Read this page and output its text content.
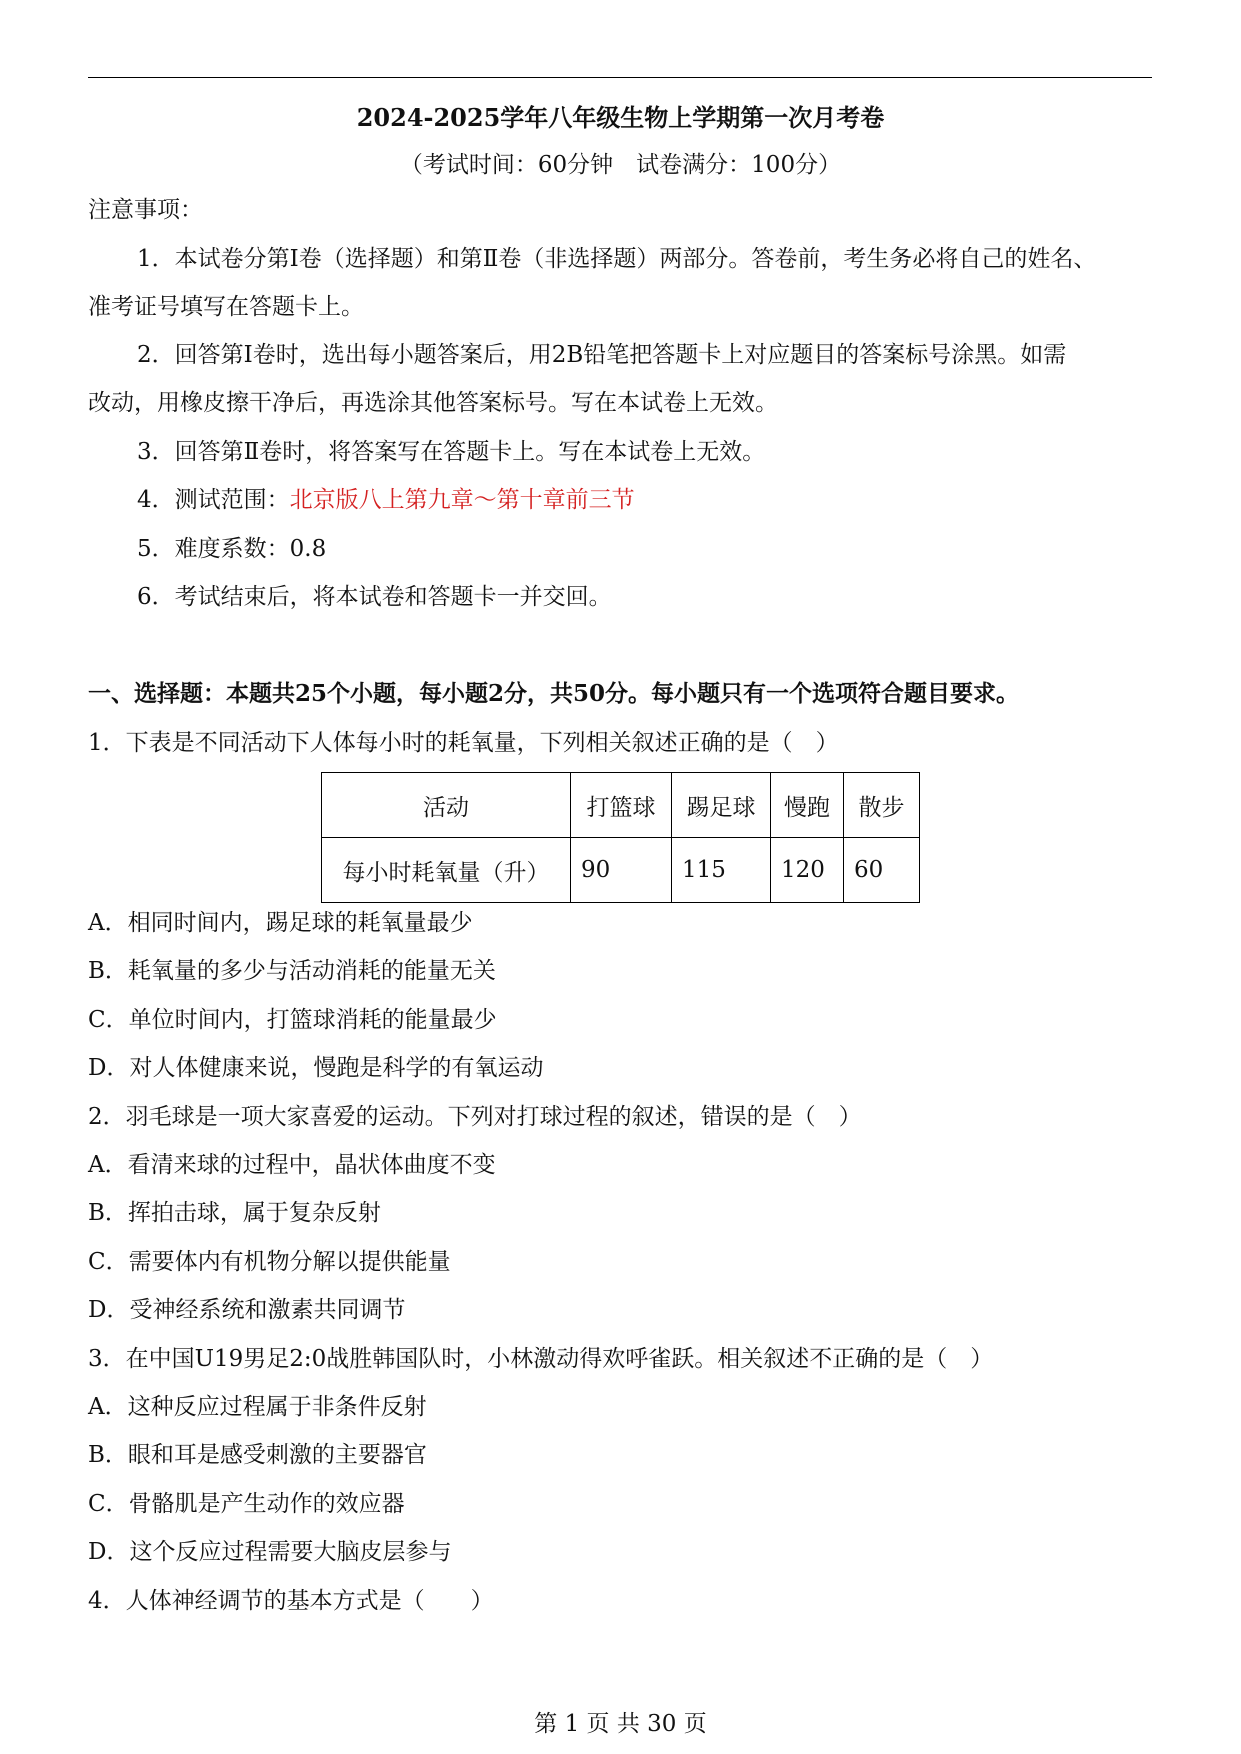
2024-2025学年八年级生物上学期第一次月考卷
（考试时间：60分钟　试卷满分：100分）
注意事项：
1．本试卷分第Ⅰ卷（选择题）和第Ⅱ卷（非选择题）两部分。答卷前，考生务必将自己的姓名、
准考证号填写在答题卡上。
2．回答第Ⅰ卷时，选出每小题答案后，用2B铅笔把答题卡上对应题目的答案标号涂黑。如需
改动，用橡皮擦干净后，再选涂其他答案标号。写在本试卷上无效。
3．回答第Ⅱ卷时，将答案写在答题卡上。写在本试卷上无效。
4．测试范围：北京版八上第九章～第十章前三节
5．难度系数：0.8
6．考试结束后，将本试卷和答题卡一并交回。
一、选择题：本题共25个小题，每小题2分，共50分。每小题只有一个选项符合题目要求。
1．下表是不同活动下人体每小时的耗氧量，下列相关叙述正确的是（　）
活动	打篮球	踢足球	慢跑	散步
每小时耗氧量（升）	90	115	120	60
A．相同时间内，踢足球的耗氧量最少
B．耗氧量的多少与活动消耗的能量无关
C．单位时间内，打篮球消耗的能量最少
D．对人体健康来说，慢跑是科学的有氧运动
2．羽毛球是一项大家喜爱的运动。下列对打球过程的叙述，错误的是（　）
A．看清来球的过程中，晶状体曲度不变
B．挥拍击球，属于复杂反射
C．需要体内有机物分解以提供能量
D．受神经系统和激素共同调节
3．在中国U19男足2:0战胜韩国队时，小林激动得欢呼雀跃。相关叙述不正确的是（　）
A．这种反应过程属于非条件反射
B．眼和耳是感受刺激的主要器官
C．骨骼肌是产生动作的效应器
D．这个反应过程需要大脑皮层参与
4．人体神经调节的基本方式是（　　）
第 1 页 共 30 页
